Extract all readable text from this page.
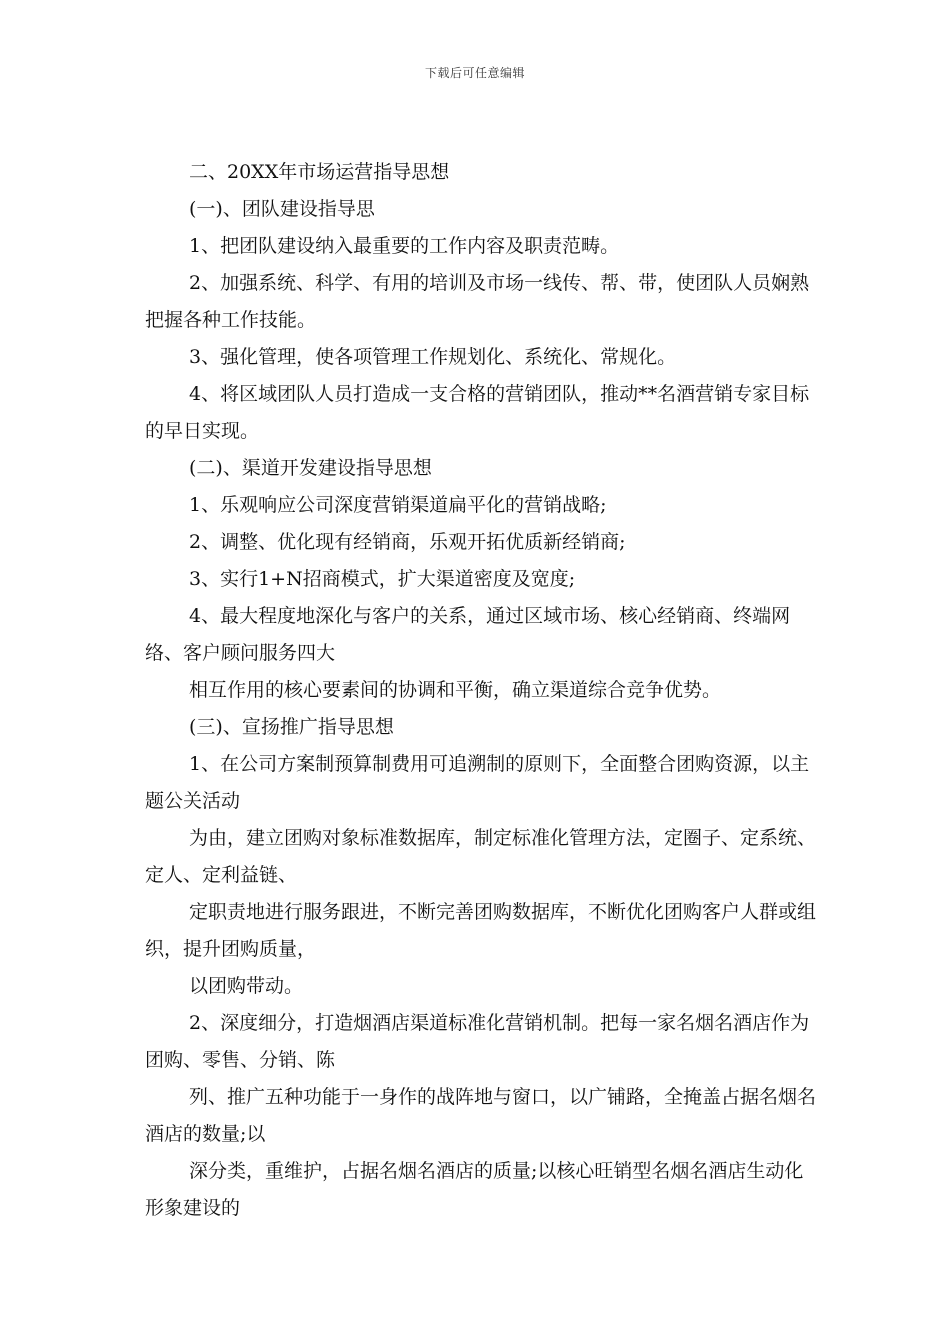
下载后可任意编辑

二、20XX年市场运营指导思想

(一)、团队建设指导思

1、把团队建设纳入最重要的工作内容及职责范畴。

2、加强系统、科学、有用的培训及市场一线传、帮、带，使团队人员娴熟把握各种工作技能。

3、强化管理，使各项管理工作规划化、系统化、常规化。

4、将区域团队人员打造成一支合格的营销团队，推动**名酒营销专家目标的早日实现。

(二)、渠道开发建设指导思想

1、乐观响应公司深度营销渠道扁平化的营销战略;

2、调整、优化现有经销商，乐观开拓优质新经销商;

3、实行1+N招商模式，扩大渠道密度及宽度;

4、最大程度地深化与客户的关系，通过区域市场、核心经销商、终端网络、客户顾问服务四大

相互作用的核心要素间的协调和平衡，确立渠道综合竞争优势。

(三)、宣扬推广指导思想

1、在公司方案制预算制费用可追溯制的原则下，全面整合团购资源，以主题公关活动

为由，建立团购对象标准数据库，制定标准化管理方法，定圈子、定系统、定人、定利益链、

定职责地进行服务跟进，不断完善团购数据库，不断优化团购客户人群或组织，提升团购质量，

以团购带动。

2、深度细分，打造烟酒店渠道标准化营销机制。把每一家名烟名酒店作为团购、零售、分销、陈

列、推广五种功能于一身作的战阵地与窗口，以广铺路，全掩盖占据名烟名酒店的数量;以

深分类，重维护，占据名烟名酒店的质量;以核心旺销型名烟名酒店生动化形象建设的
